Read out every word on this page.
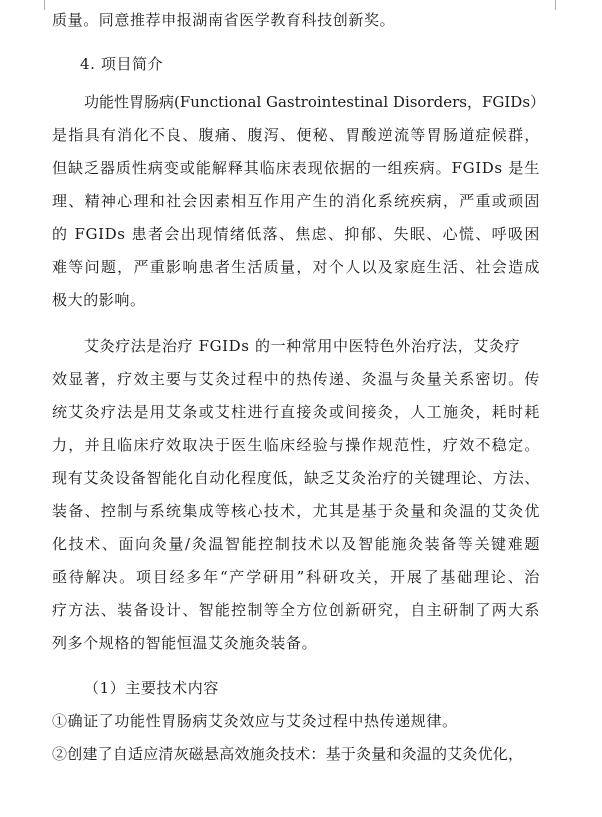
质量。同意推荐申报湖南省医学教育科技创新奖。
4. 项目简介
功能性胃肠病(Functional Gastrointestinal Disorders，FGIDs）
是指具有消化不良、腹痛、腹泻、便秘、胃酸逆流等胃肠道症候群，
但缺乏器质性病变或能解释其临床表现依据的一组疾病。FGIDs 是生
理、精神心理和社会因素相互作用产生的消化系统疾病，严重或顽固
的 FGIDs 患者会出现情绪低落、焦虑、抑郁、失眠、心慌、呼吸困
难等问题，严重影响患者生活质量，对个人以及家庭生活、社会造成
极大的影响。
艾灸疗法是治疗 FGIDs 的一种常用中医特色外治疗法，艾灸疗
效显著，疗效主要与艾灸过程中的热传递、灸温与灸量关系密切。传
统艾灸疗法是用艾条或艾柱进行直接灸或间接灸，人工施灸，耗时耗
力，并且临床疗效取决于医生临床经验与操作规范性，疗效不稳定。
现有艾灸设备智能化自动化程度低，缺乏艾灸治疗的关键理论、方法、
装备、控制与系统集成等核心技术，尤其是基于灸量和灸温的艾灸优
化技术、面向灸量/灸温智能控制技术以及智能施灸装备等关键难题
亟待解决。项目经多年“产学研用”科研攻关，开展了基础理论、治
疗方法、装备设计、智能控制等全方位创新研究，自主研制了两大系
列多个规格的智能恒温艾灸施灸装备。
（1）主要技术内容
①确证了功能性胃肠病艾灸效应与艾灸过程中热传递规律。
②创建了自适应清灰磁悬高效施灸技术：基于灸量和灸温的艾灸优化，
